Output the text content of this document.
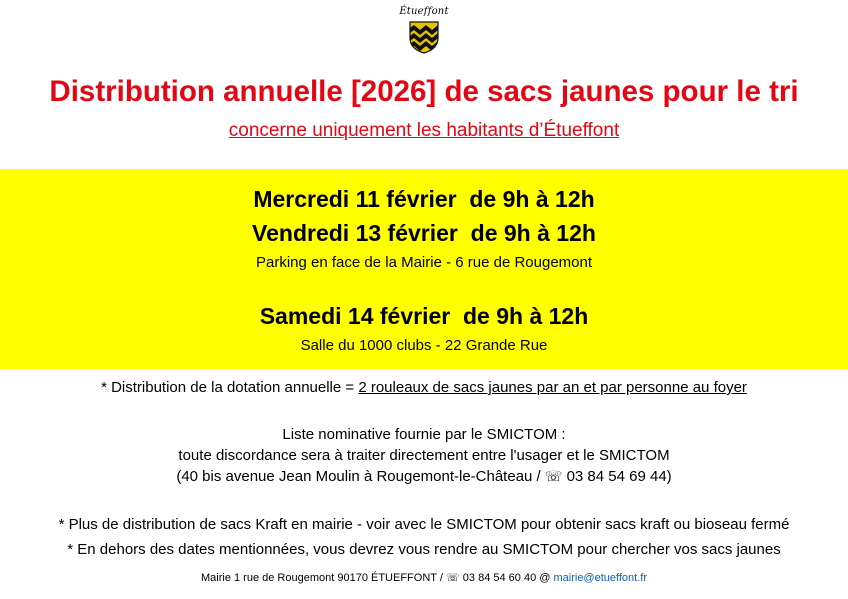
Étueffont
Distribution annuelle [2026] de sacs jaunes pour le tri
concerne uniquement les habitants d’Étueffont
Mercredi 11 février  de 9h à 12h
Vendredi 13 février  de 9h à 12h
Parking en face de la Mairie - 6 rue de Rougemont
Samedi 14 février  de 9h à 12h
Salle du 1000 clubs - 22 Grande Rue
* Distribution de la dotation annuelle = 2 rouleaux de sacs jaunes par an et par personne au foyer
Liste nominative fournie par le SMICTOM :
toute discordance sera à traiter directement entre l'usager et le SMICTOM
(40 bis avenue Jean Moulin à Rougemont-le-Château / ☏ 03 84 54 69 44)
* Plus de distribution de sacs Kraft en mairie - voir avec le SMICTOM pour obtenir sacs kraft ou bioseau fermé
* En dehors des dates mentionnées, vous devrez vous rendre au SMICTOM pour chercher vos sacs jaunes
Mairie 1 rue de Rougemont 90170 ÉTUEFFONT / ☏ 03 84 54 60 40 @ mairie@etueffont.fr
